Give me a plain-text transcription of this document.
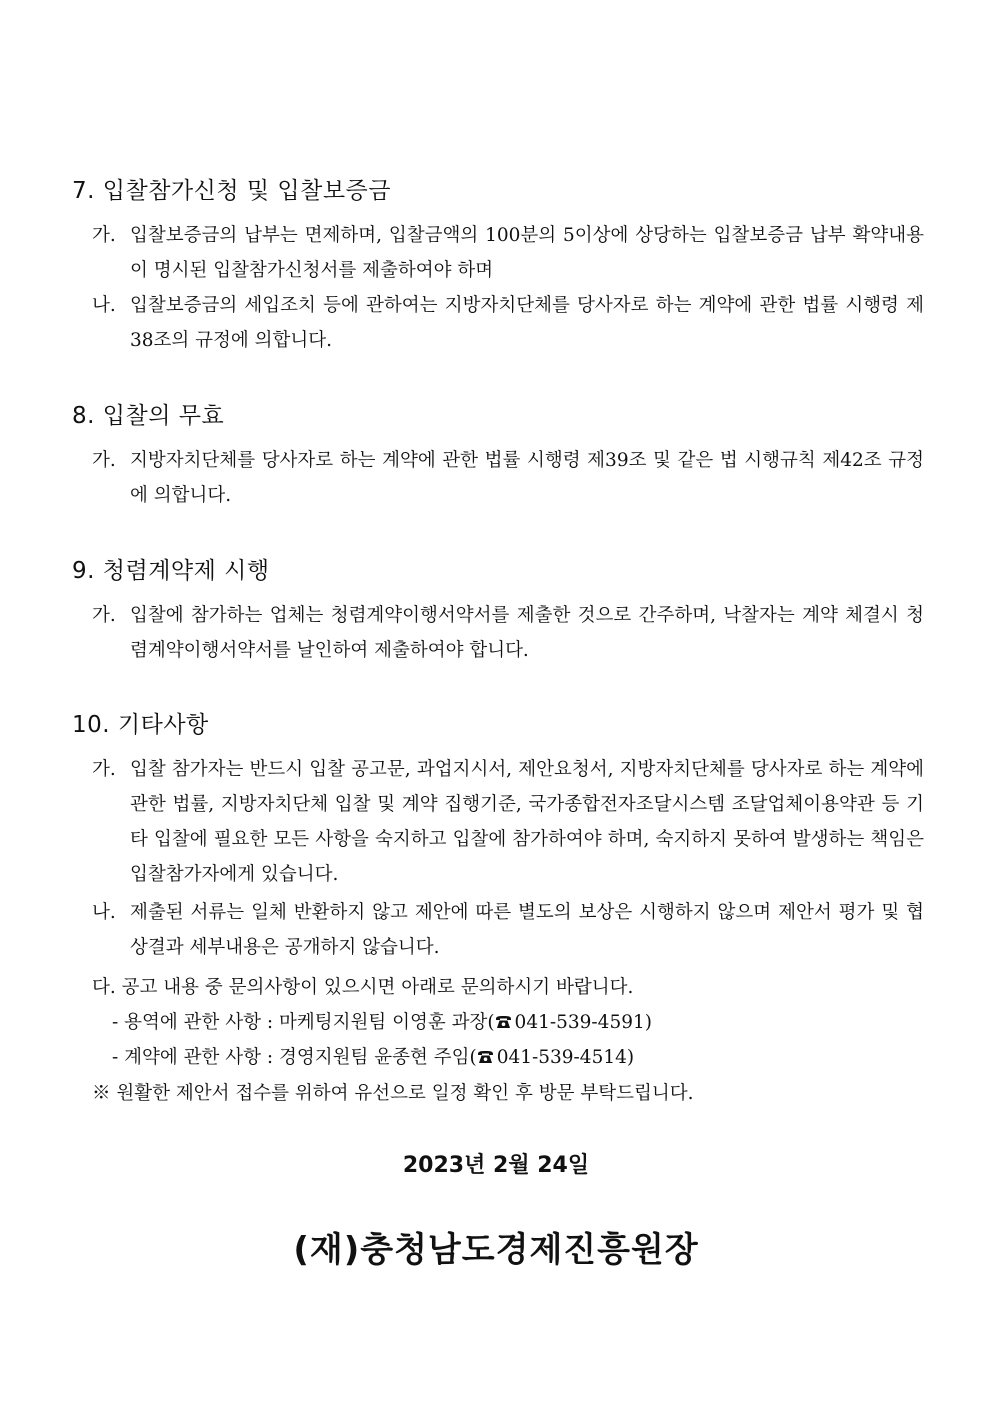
7. 입찰참가신청 및 입찰보증금
가. 입찰보증금의 납부는 면제하며, 입찰금액의 100분의 5이상에 상당하는 입찰보증금 납부 확약내용이 명시된 입찰참가신청서를 제출하여야 하며
나. 입찰보증금의 세입조치 등에 관하여는 지방자치단체를 당사자로 하는 계약에 관한 법률 시행령 제38조의 규정에 의합니다.
8. 입찰의 무효
가. 지방자치단체를 당사자로 하는 계약에 관한 법률 시행령 제39조 및 같은 법 시행규칙 제42조 규정에 의합니다.
9. 청렴계약제 시행
가. 입찰에 참가하는 업체는 청렴계약이행서약서를 제출한 것으로 간주하며, 낙찰자는 계약 체결시 청렴계약이행서약서를 날인하여 제출하여야 합니다.
10. 기타사항
가. 입찰 참가자는 반드시 입찰 공고문, 과업지시서, 제안요청서, 지방자치단체를 당사자로 하는 계약에 관한 법률, 지방자치단체 입찰 및 계약 집행기준, 국가종합전자조달시스템 조달업체이용약관 등 기타 입찰에 필요한 모든 사항을 숙지하고 입찰에 참가하여야 하며, 숙지하지 못하여 발생하는 책임은 입찰참가자에게 있습니다.
나. 제출된 서류는 일체 반환하지 않고 제안에 따른 별도의 보상은 시행하지 않으며 제안서 평가 및 협상결과 세부내용은 공개하지 않습니다.
다. 공고 내용 중 문의사항이 있으시면 아래로 문의하시기 바랍니다.
- 용역에 관한 사항 : 마케팅지원팀 이영훈 과장( 041-539-4591)
- 계약에 관한 사항 : 경영지원팀 윤종현 주임( 041-539-4514)
※ 원활한 제안서 접수를 위하여 유선으로 일정 확인 후 방문 부탁드립니다.
2023년 2월 24일
(재)충청남도경제진흥원장
